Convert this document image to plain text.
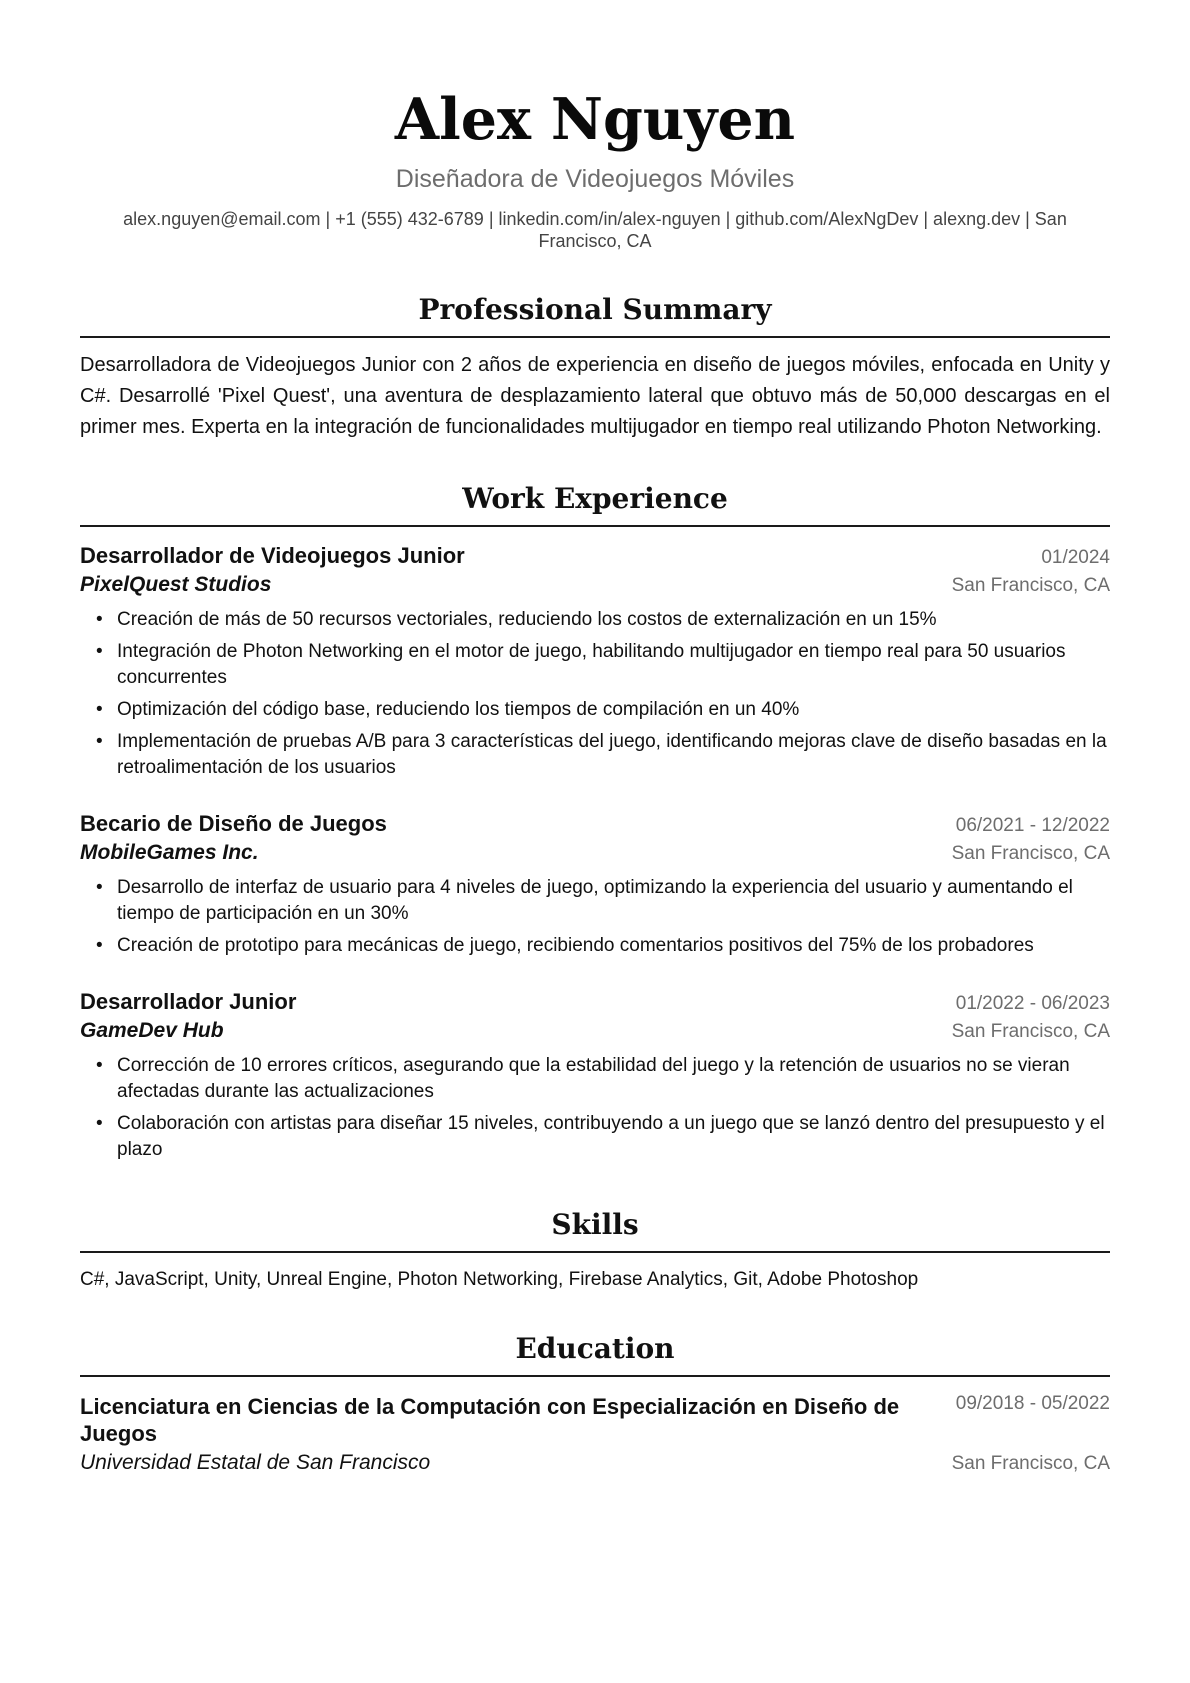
Alex Nguyen
Diseñadora de Videojuegos Móviles
alex.nguyen@email.com | +1 (555) 432-6789 | linkedin.com/in/alex-nguyen | github.com/AlexNgDev | alexng.dev | San Francisco, CA
Professional Summary
Desarrolladora de Videojuegos Junior con 2 años de experiencia en diseño de juegos móviles, enfocada en Unity y C#. Desarrollé 'Pixel Quest', una aventura de desplazamiento lateral que obtuvo más de 50,000 descargas en el primer mes. Experta en la integración de funcionalidades multijugador en tiempo real utilizando Photon Networking.
Work Experience
Desarrollador de Videojuegos Junior	01/2024
PixelQuest Studios	San Francisco, CA
• Creación de más de 50 recursos vectoriales, reduciendo los costos de externalización en un 15%
• Integración de Photon Networking en el motor de juego, habilitando multijugador en tiempo real para 50 usuarios concurrentes
• Optimización del código base, reduciendo los tiempos de compilación en un 40%
• Implementación de pruebas A/B para 3 características del juego, identificando mejoras clave de diseño basadas en la retroalimentación de los usuarios
Becario de Diseño de Juegos	06/2021 - 12/2022
MobileGames Inc.	San Francisco, CA
• Desarrollo de interfaz de usuario para 4 niveles de juego, optimizando la experiencia del usuario y aumentando el tiempo de participación en un 30%
• Creación de prototipo para mecánicas de juego, recibiendo comentarios positivos del 75% de los probadores
Desarrollador Junior	01/2022 - 06/2023
GameDev Hub	San Francisco, CA
• Corrección de 10 errores críticos, asegurando que la estabilidad del juego y la retención de usuarios no se vieran afectadas durante las actualizaciones
• Colaboración con artistas para diseñar 15 niveles, contribuyendo a un juego que se lanzó dentro del presupuesto y el plazo
Skills
C#, JavaScript, Unity, Unreal Engine, Photon Networking, Firebase Analytics, Git, Adobe Photoshop
Education
Licenciatura en Ciencias de la Computación con Especialización en Diseño de Juegos
09/2018 - 05/2022
Universidad Estatal de San Francisco	San Francisco, CA
